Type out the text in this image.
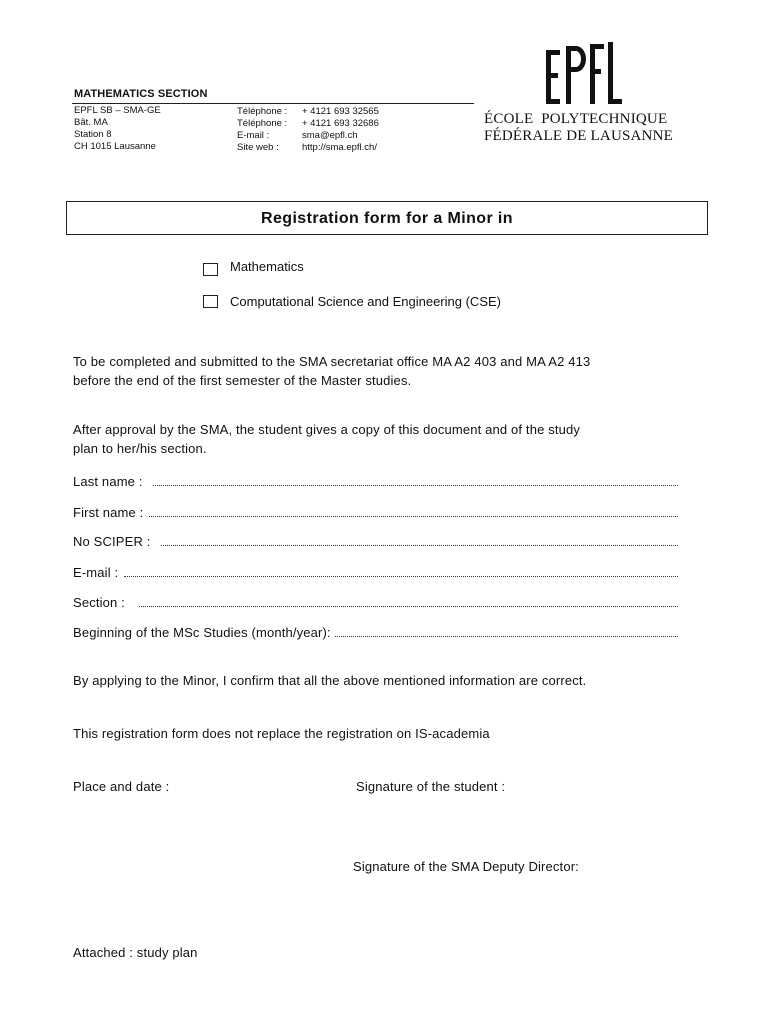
MATHEMATICS SECTION
EPFL SB – SMA-GE
Bât. MA
Station 8
CH 1015 Lausanne
Téléphone :
Téléphone :
E-mail :
Site web :
+ 4121 693 32565
+ 4121 693 32686
sma@epfl.ch
http://sma.epfl.ch/
ÉCOLE  POLYTECHNIQUE
FÉDÉRALE DE LAUSANNE
Registration form for a Minor in
Mathematics
Computational Science and Engineering (CSE)
To be completed and submitted to the SMA secretariat office MA A2 403 and MA A2 413
before the end of the first semester of the Master studies.
After approval by the SMA, the student gives a copy of this document and of the study
plan to her/his section.
Last name :
First name :
No SCIPER :
E-mail :
Section :
Beginning of the MSc Studies (month/year):
By applying to the Minor, I confirm that all the above mentioned information are correct.
This registration form does not replace the registration on IS-academia
Place and date :	Signature of the student :
Signature of the SMA Deputy Director:
Attached : study plan
